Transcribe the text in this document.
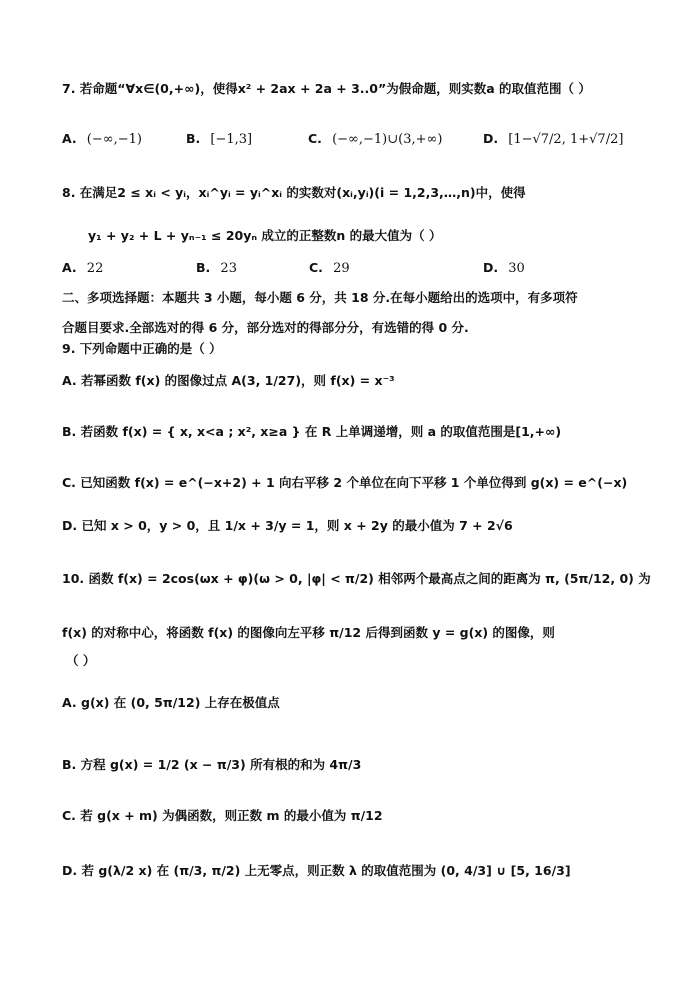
7. 若命题“∀x∈(0,+∞)，使得x² + 2ax + 2a + 3..0”为假命题，则实数a 的取值范围（ ）
A. (−∞,−1)	B. [−1,3]	C. (−∞,−1)∪(3,+∞)	D. [1−√7/2, 1+√7/2]
8. 在满足2 ≤ xᵢ < yᵢ，xᵢ^yᵢ = yᵢ^xᵢ 的实数对(xᵢ,yᵢ)(i = 1,2,3,…,n)中，使得
y₁ + y₂ + L + yₙ₋₁ ≤ 20yₙ 成立的正整数n 的最大值为（ ）
A. 22	B. 23	C. 29	D. 30
二、多项选择题：本题共 3 小题，每小题 6 分，共 18 分.在每小题给出的选项中，有多项符
合题目要求.全部选对的得 6 分，部分选对的得部分分，有选错的得 0 分.
9. 下列命题中正确的是（ ）
A. 若幂函数 f(x) 的图像过点 A(3, 1/27)，则 f(x) = x⁻³
B. 若函数 f(x) = { x, x<a ; x², x≥a } 在 R 上单调递增，则 a 的取值范围是[1,+∞)
C. 已知函数 f(x) = e^(−x+2) + 1 向右平移 2 个单位在向下平移 1 个单位得到 g(x) = e^(−x)
D. 已知 x > 0，y > 0，且 1/x + 3/y = 1，则 x + 2y 的最小值为 7 + 2√6
10. 函数 f(x) = 2cos(ωx + φ)(ω > 0, |φ| < π/2) 相邻两个最高点之间的距离为 π, (5π/12, 0) 为
f(x) 的对称中心，将函数 f(x) 的图像向左平移 π/12 后得到函数 y = g(x) 的图像，则
（ ）
A. g(x) 在 (0, 5π/12) 上存在极值点
B. 方程 g(x) = 1/2 (x − π/3) 所有根的和为 4π/3
C. 若 g(x + m) 为偶函数，则正数 m 的最小值为 π/12
D. 若 g(λ/2 x) 在 (π/3, π/2) 上无零点，则正数 λ 的取值范围为 (0, 4/3] ∪ [5, 16/3]
